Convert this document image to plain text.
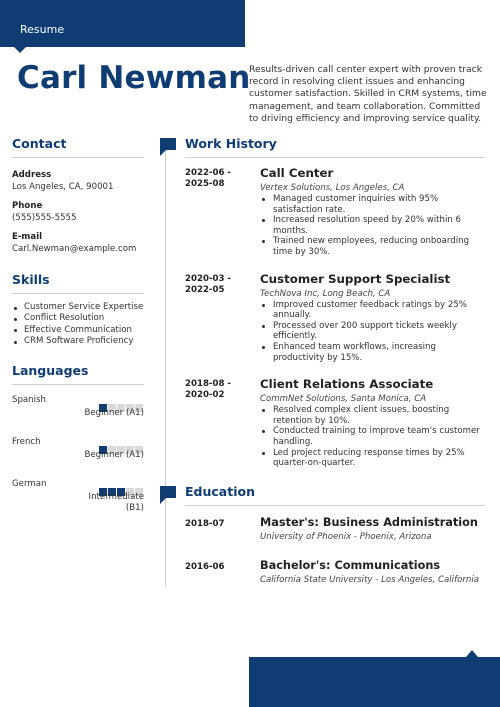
Resume
Carl Newman
Results-driven call center expert with proven track record in resolving client issues and enhancing customer satisfaction. Skilled in CRM systems, time management, and team collaboration. Committed to driving efficiency and improving service quality.
Contact
Address
Los Angeles, CA, 90001
Phone
(555)555-5555
E-mail
Carl.Newman@example.com
Skills
Customer Service Expertise
Conflict Resolution
Effective Communication
CRM Software Proficiency
Languages
Spanish
Beginner (A1)
French
Beginner (A1)
German
Intermediate (B1)
Work History
2022-06 -
2025-08
Call Center
Vertex Solutions, Los Angeles, CA
Managed customer inquiries with 95% satisfaction rate.
Increased resolution speed by 20% within 6 months.
Trained new employees, reducing onboarding time by 30%.
2020-03 -
2022-05
Customer Support Specialist
TechNova Inc, Long Beach, CA
Improved customer feedback ratings by 25% annually.
Processed over 200 support tickets weekly efficiently.
Enhanced team workflows, increasing productivity by 15%.
2018-08 -
2020-02
Client Relations Associate
CommNet Solutions, Santa Monica, CA
Resolved complex client issues, boosting retention by 10%.
Conducted training to improve team's customer handling.
Led project reducing response times by 25% quarter-on-quarter.
Education
2018-07	Master's: Business Administration
University of Phoenix - Phoenix, Arizona
2016-06	Bachelor's: Communications
California State University - Los Angeles, California
